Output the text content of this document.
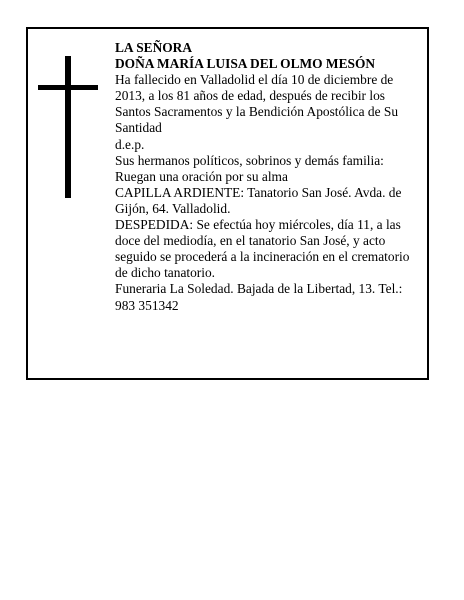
LA SEÑORA

DOÑA MARÍA LUISA DEL OLMO MESÓN

Ha fallecido en Valladolid el día 10 de diciembre de 2013, a los 81 años de edad, después de recibir los Santos Sacramentos y la Bendición Apostólica de Su Santidad

d.e.p.

Sus hermanos políticos, sobrinos y demás familia:

Ruegan una oración por su alma

CAPILLA ARDIENTE: Tanatorio San José. Avda. de Gijón, 64. Valladolid.

DESPEDIDA: Se efectúa hoy miércoles, día 11, a las doce del mediodía, en el tanatorio San José, y acto seguido se procederá a la incineración en el crematorio de dicho tanatorio.

Funeraria La Soledad. Bajada de la Libertad, 13. Tel.: 983 351342
